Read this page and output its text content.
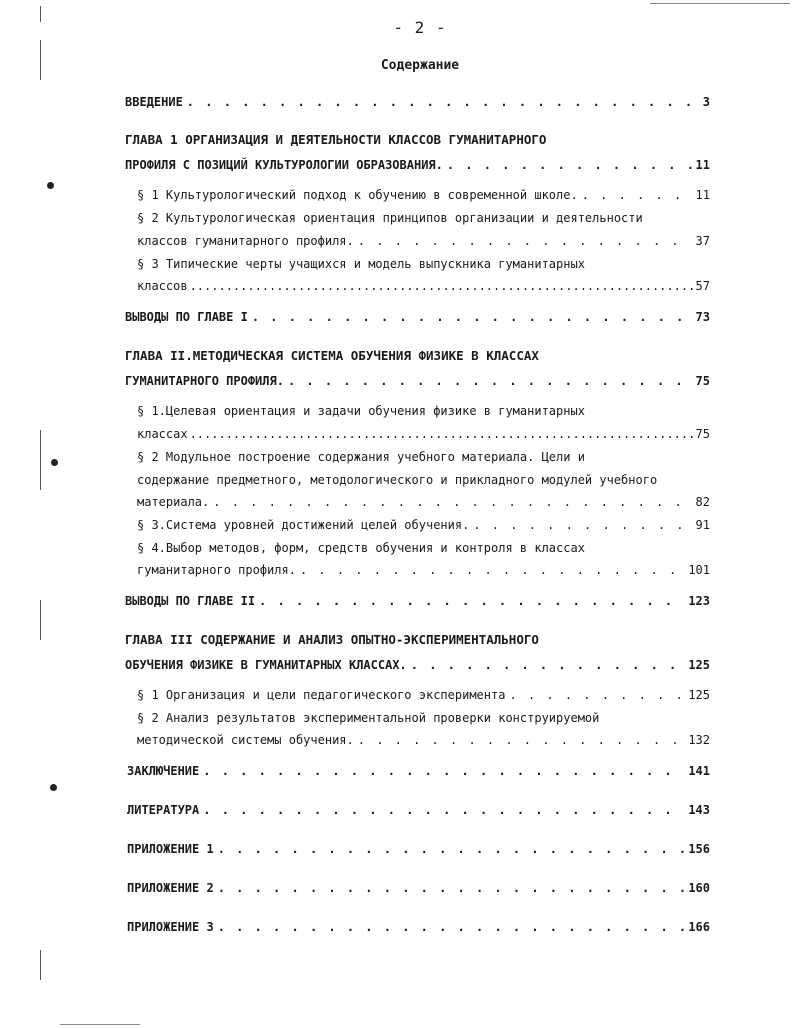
- 2 -
Содержание
ВВЕДЕНИЕ . . .	3
ГЛАВА 1 ОРГАНИЗАЦИЯ И ДЕЯТЕЛЬНОСТИ КЛАССОВ ГУМАНИТАРНОГО
ПРОФИЛЯ С ПОЗИЦИЙ КУЛЬТУРОЛОГИИ ОБРАЗОВАНИЯ. . . .	11
§ 1 Культурологический подход к обучению в современной школе. . . .	11
§ 2 Культурологическая ориентация принципов организации и деятельности
классов гуманитарного профиля. . . .	37
§ 3 Типические черты учащихся и модель выпускника гуманитарных
классов .....	57
ВЫВОДЫ ПО ГЛАВЕ I . . .	73
ГЛАВА II.МЕТОДИЧЕСКАЯ СИСТЕМА ОБУЧЕНИЯ ФИЗИКЕ В КЛАССАХ
ГУМАНИТАРНОГО ПРОФИЛЯ. . . .	75
§ 1.Целевая ориентация и задачи обучения физике в гуманитарных
классах .....	75
§ 2 Модульное построение содержания учебного материала. Цели и
содержание предметного, методологического и прикладного модулей учебного
материала. . . .	82
§ 3.Система уровней достижений целей обучения. . . .	91
§ 4.Выбор методов, форм, средств обучения и контроля в классах
гуманитарного профиля. . . .	101
ВЫВОДЫ ПО ГЛАВЕ II . . .	123
ГЛАВА III СОДЕРЖАНИЕ И АНАЛИЗ ОПЫТНО-ЭКСПЕРИМЕНТАЛЬНОГО
ОБУЧЕНИЯ ФИЗИКЕ В ГУМАНИТАРНЫХ КЛАССАХ. . . .	125
§ 1 Организация и цели педагогического эксперимента . . .	125
§ 2 Анализ результатов экспериментальной проверки конструируемой
методической системы обучения. . . .	132
ЗАКЛЮЧЕНИЕ . . .	141
ЛИТЕРАТУРА . . .	143
ПРИЛОЖЕНИЕ 1 . . .	156
ПРИЛОЖЕНИЕ 2 . . .	160
ПРИЛОЖЕНИЕ 3 . . .	166
